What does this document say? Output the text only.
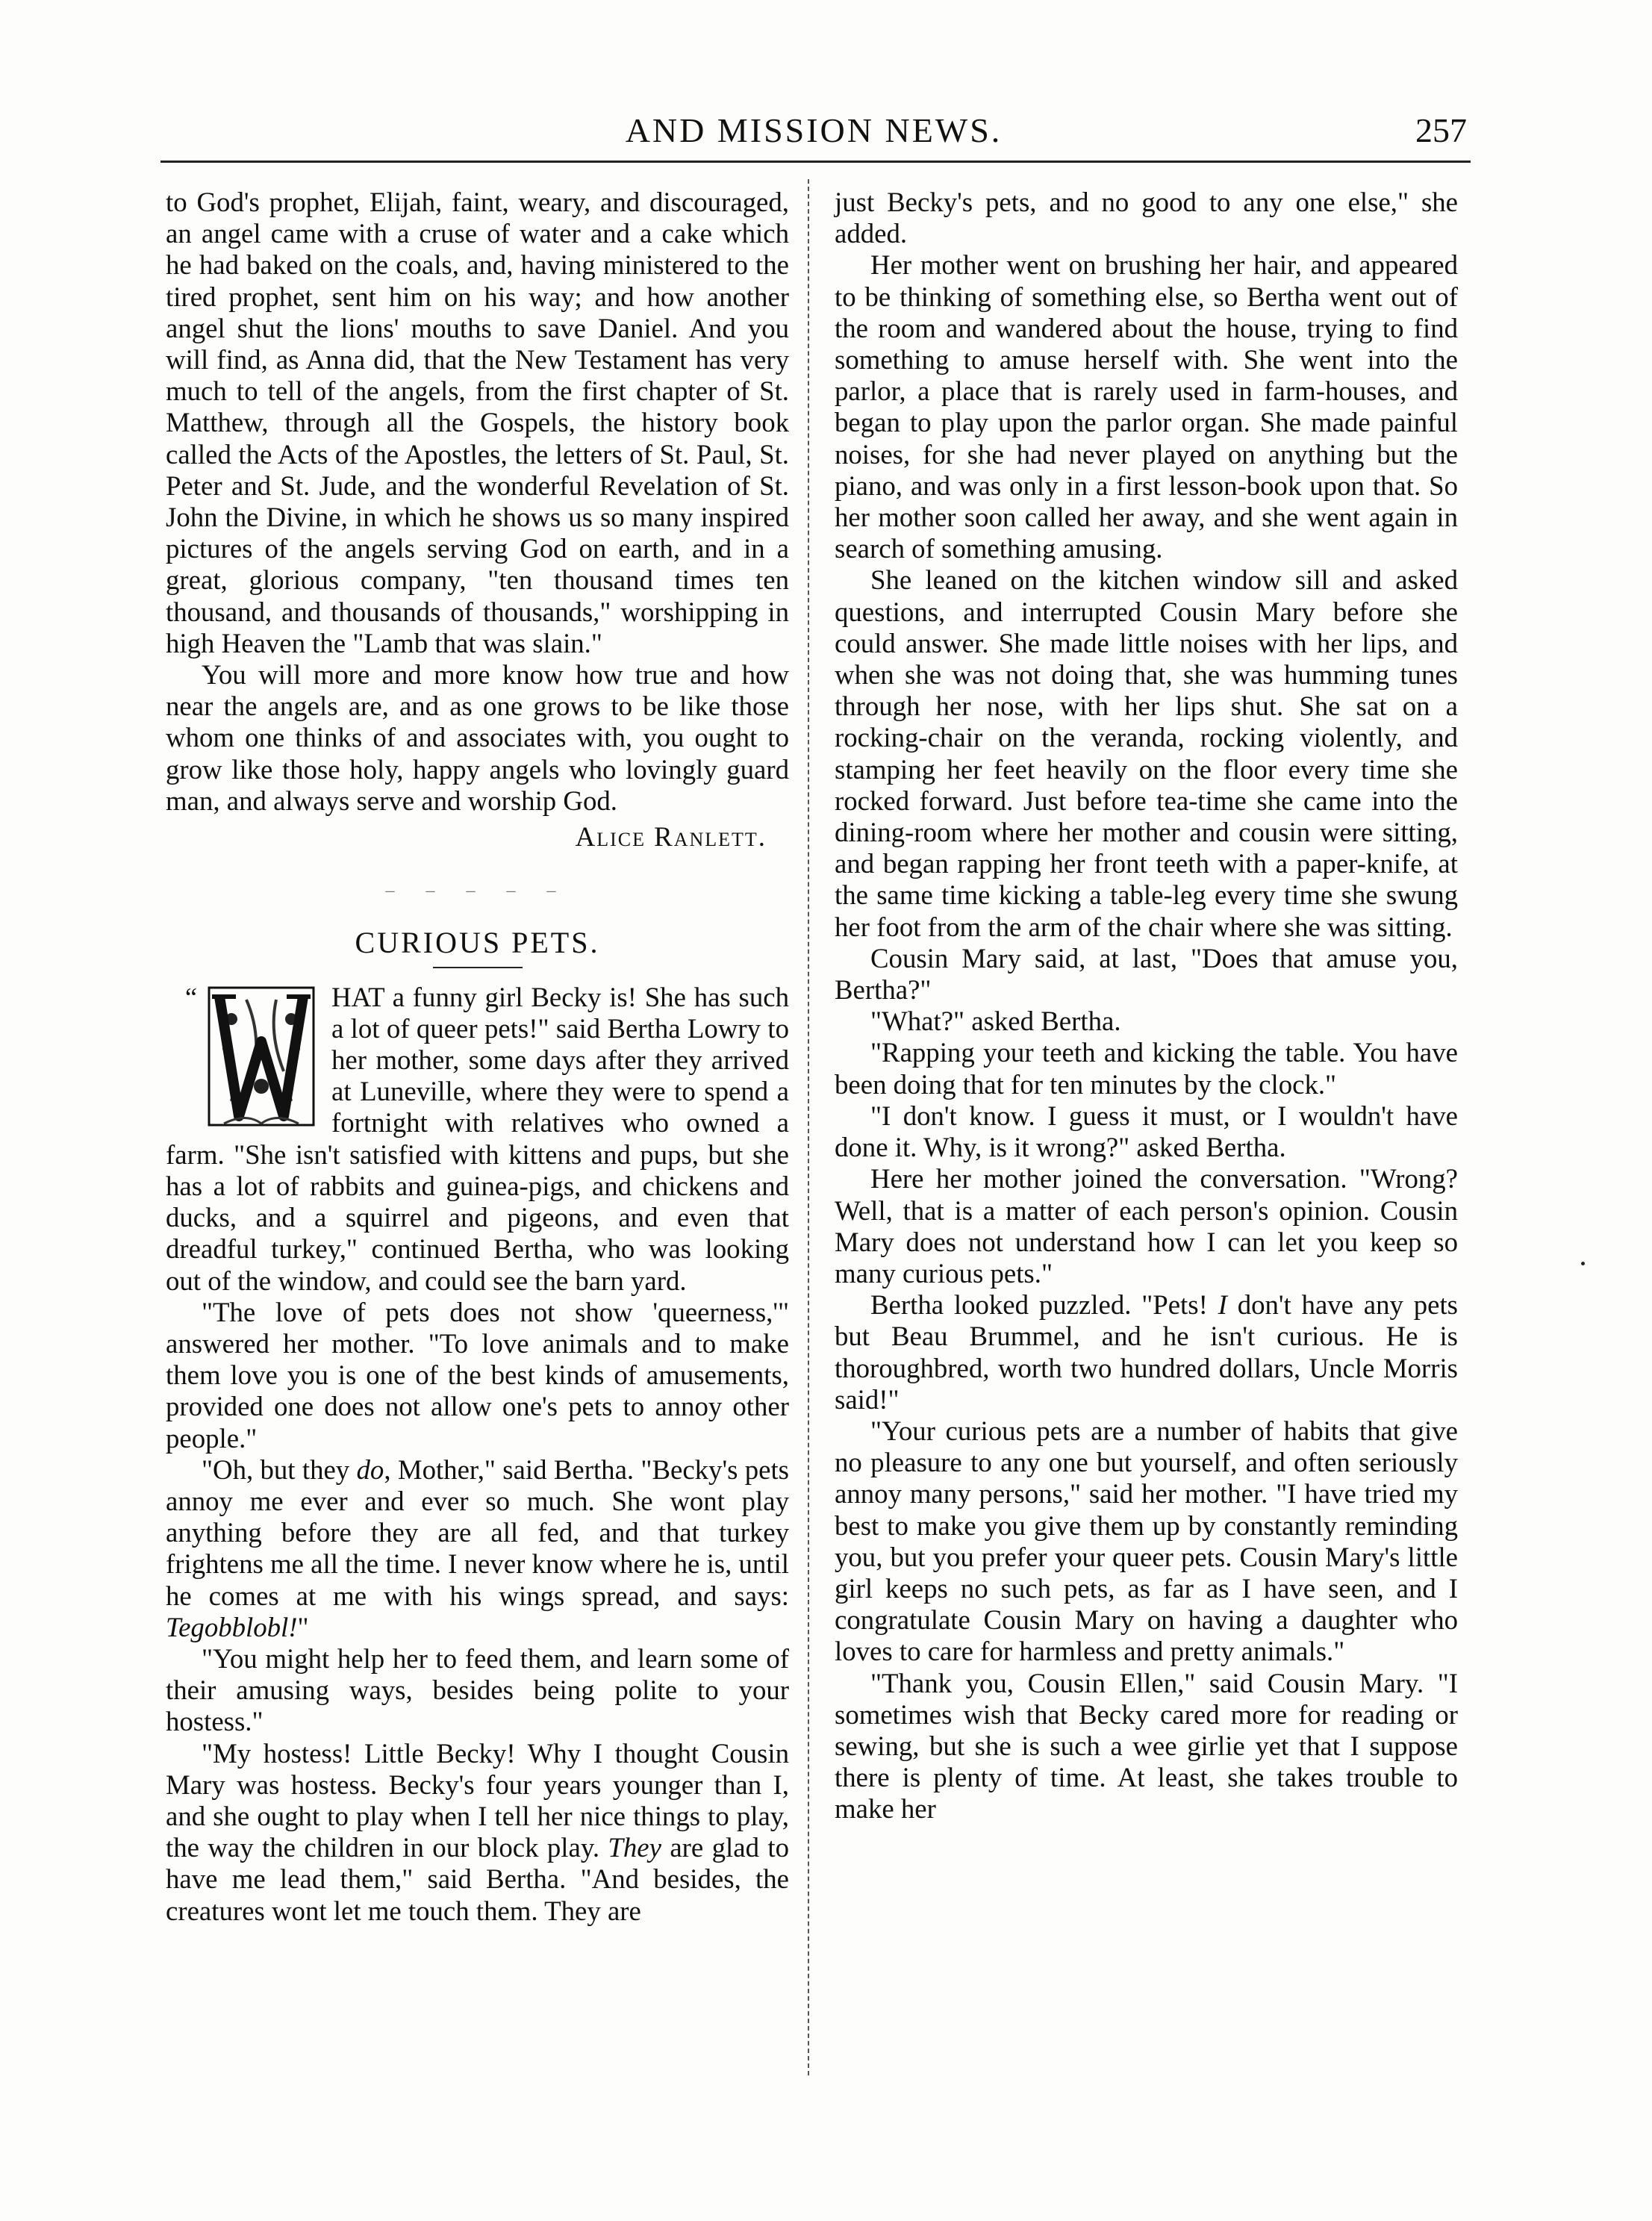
AND MISSION NEWS.	257

to God's prophet, Elijah, faint, weary, and discouraged, an angel came with a cruse of water and a cake which he had baked on the coals, and, having ministered to the tired prophet, sent him on his way; and how another angel shut the lions' mouths to save Daniel. And you will find, as Anna did, that the New Testament has very much to tell of the angels, from the first chapter of St. Matthew, through all the Gospels, the history book called the Acts of the Apostles, the letters of St. Paul, St. Peter and St. Jude, and the wonderful Revelation of St. John the Divine, in which he shows us so many inspired pictures of the angels serving God on earth, and in a great, glorious company, "ten thousand times ten thousand, and thousands of thousands," worshipping in high Heaven the "Lamb that was slain."

You will more and more know how true and how near the angels are, and as one grows to be like those whom one thinks of and associates with, you ought to grow like those holy, happy angels who lovingly guard man, and always serve and worship God.

Alice Ranlett.

– – – – –
CURIOUS PETS.
“	HAT a funny girl Becky is! She has such a lot of queer pets!" said Bertha Lowry to her mother, some days after they arrived at Luneville, where they were to spend a fortnight with relatives who owned a farm. "She isn't satisfied with kittens and pups, but she has a lot of rabbits and guinea-pigs, and chickens and ducks, and a squirrel and pigeons, and even that dreadful turkey," continued Bertha, who was looking out of the window, and could see the barn yard.

"The love of pets does not show 'queerness,'" answered her mother. "To love animals and to make them love you is one of the best kinds of amusements, provided one does not allow one's pets to annoy other people."

"Oh, but they do, Mother," said Bertha. "Becky's pets annoy me ever and ever so much. She wont play anything before they are all fed, and that turkey frightens me all the time. I never know where he is, until he comes at me with his wings spread, and says: Tegobblobl!"

"You might help her to feed them, and learn some of their amusing ways, besides being polite to your hostess."

"My hostess! Little Becky! Why I thought Cousin Mary was hostess. Becky's four years younger than I, and she ought to play when I tell her nice things to play, the way the children in our block play. They are glad to have me lead them," said Bertha. "And besides, the creatures wont let me touch them. They are

just Becky's pets, and no good to any one else," she added.

Her mother went on brushing her hair, and appeared to be thinking of something else, so Bertha went out of the room and wandered about the house, trying to find something to amuse herself with. She went into the parlor, a place that is rarely used in farm-houses, and began to play upon the parlor organ. She made painful noises, for she had never played on anything but the piano, and was only in a first lesson-book upon that. So her mother soon called her away, and she went again in search of something amusing.

She leaned on the kitchen window sill and asked questions, and interrupted Cousin Mary before she could answer. She made little noises with her lips, and when she was not doing that, she was humming tunes through her nose, with her lips shut. She sat on a rocking-chair on the veranda, rocking violently, and stamping her feet heavily on the floor every time she rocked forward. Just before tea-time she came into the dining-room where her mother and cousin were sitting, and began rapping her front teeth with a paper-knife, at the same time kicking a table-leg every time she swung her foot from the arm of the chair where she was sitting.

Cousin Mary said, at last, "Does that amuse you, Bertha?"

"What?" asked Bertha.

"Rapping your teeth and kicking the table. You have been doing that for ten minutes by the clock."

"I don't know. I guess it must, or I wouldn't have done it. Why, is it wrong?" asked Bertha.

Here her mother joined the conversation. "Wrong? Well, that is a matter of each person's opinion. Cousin Mary does not understand how I can let you keep so many curious pets."

Bertha looked puzzled. "Pets! I don't have any pets but Beau Brummel, and he isn't curious. He is thoroughbred, worth two hundred dollars, Uncle Morris said!"

"Your curious pets are a number of habits that give no pleasure to any one but yourself, and often seriously annoy many persons," said her mother. "I have tried my best to make you give them up by constantly reminding you, but you prefer your queer pets. Cousin Mary's little girl keeps no such pets, as far as I have seen, and I congratulate Cousin Mary on having a daughter who loves to care for harmless and pretty animals."

"Thank you, Cousin Ellen," said Cousin Mary. "I sometimes wish that Becky cared more for reading or sewing, but she is such a wee girlie yet that I suppose there is plenty of time. At least, she takes trouble to make her
